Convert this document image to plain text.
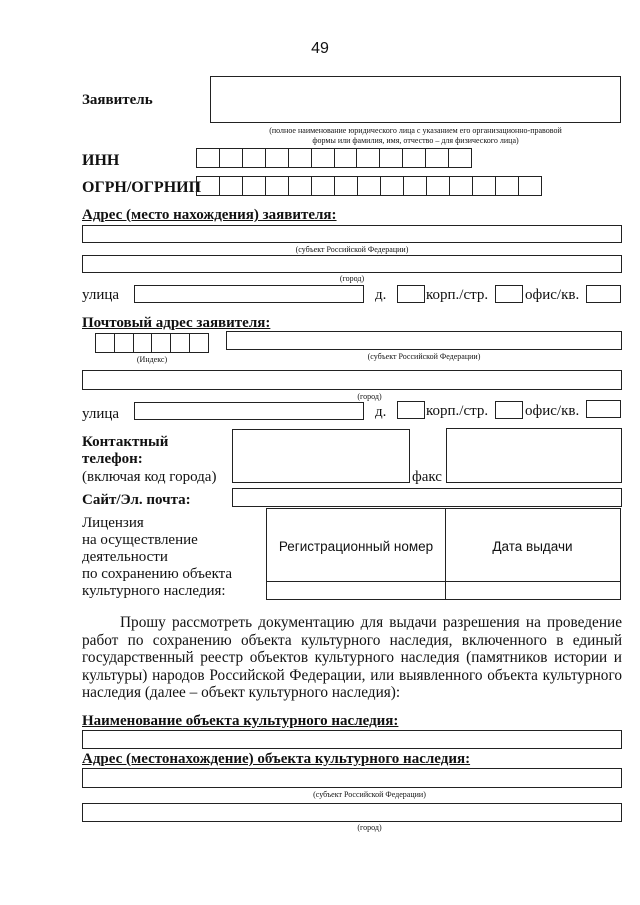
49
Заявитель
(полное наименование юридического лица с указанием его организационно-правовой
формы или фамилия, имя, отчество – для физического лица)
ИНН
ОГРН/ОГРНИП
Адрес (место нахождения) заявителя:
(субъект Российской Федерации)
(город)
улица	д.	корп./стр. офис/кв.
Почтовый адрес заявителя:
(Индекс)	(субъект Российской Федерации)
(город)
улица	д.	корп./стр. офис/кв.
Контактный
телефон:
(включая код города)	факс
Сайт/Эл. почта:
Лицензия
на осуществление
деятельности
по сохранению объекта
культурного наследия:
Регистрационный номер	Дата выдачи
Прошу рассмотреть документацию для выдачи разрешения на проведение работ по сохранению объекта культурного наследия, включенного в единый государственный реестр объектов культурного наследия (памятников истории и культуры) народов Российской Федерации, или выявленного объекта культурного наследия (далее – объект культурного наследия):
Наименование объекта культурного наследия:
Адрес (местонахождение) объекта культурного наследия:
(субъект Российской Федерации)
(город)
